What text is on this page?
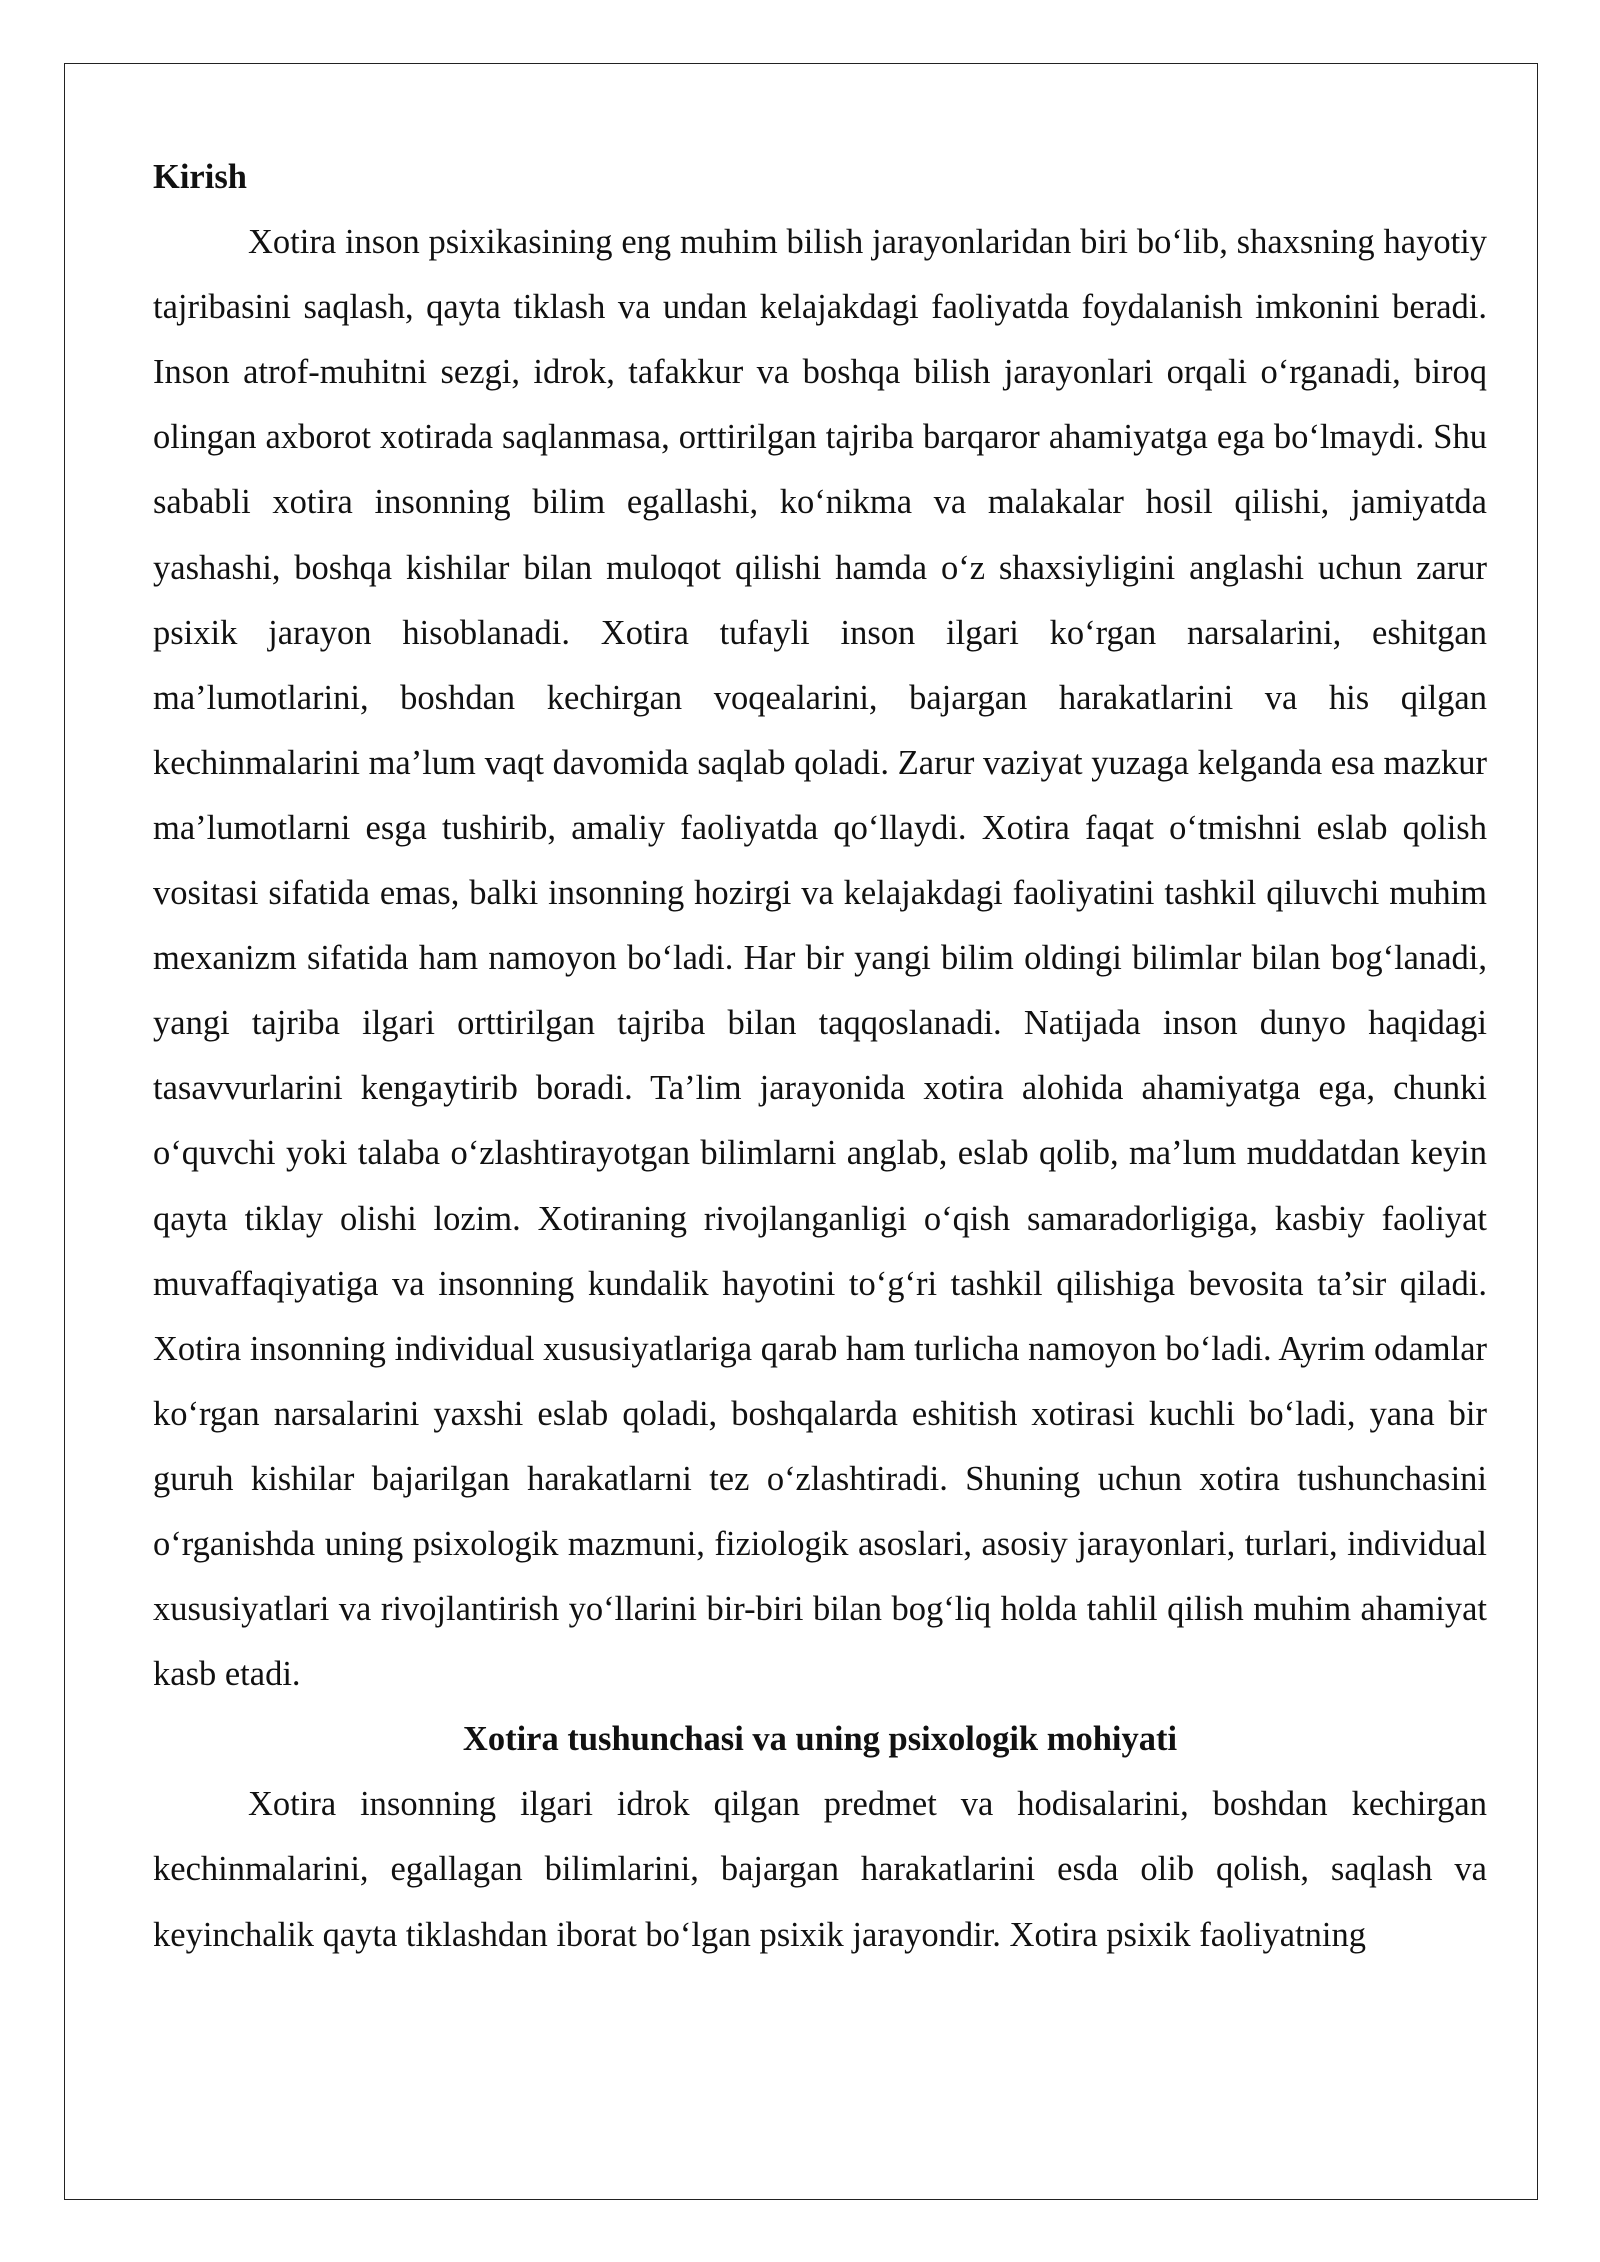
Kirish

Xotira inson psixikasining eng muhim bilish jarayonlaridan biri bo‘lib, shaxsning hayotiy tajribasini saqlash, qayta tiklash va undan kelajakdagi faoliyatda foydalanish imkonini beradi. Inson atrof-muhitni sezgi, idrok, tafakkur va boshqa bilish jarayonlari orqali o‘rganadi, biroq olingan axborot xotirada saqlanmasa, orttirilgan tajriba barqaror ahamiyatga ega bo‘lmaydi. Shu sababli xotira insonning bilim egallashi, ko‘nikma va malakalar hosil qilishi, jamiyatda yashashi, boshqa kishilar bilan muloqot qilishi hamda o‘z shaxsiyligini anglashi uchun zarur psixik jarayon hisoblanadi. Xotira tufayli inson ilgari ko‘rgan narsalarini, eshitgan ma’lumotlarini, boshdan kechirgan voqealarini, bajargan harakatlarini va his qilgan kechinmalarini ma’lum vaqt davomida saqlab qoladi. Zarur vaziyat yuzaga kelganda esa mazkur ma’lumotlarni esga tushirib, amaliy faoliyatda qo‘llaydi. Xotira faqat o‘tmishni eslab qolish vositasi sifatida emas, balki insonning hozirgi va kelajakdagi faoliyatini tashkil qiluvchi muhim mexanizm sifatida ham namoyon bo‘ladi. Har bir yangi bilim oldingi bilimlar bilan bog‘lanadi, yangi tajriba ilgari orttirilgan tajriba bilan taqqoslanadi. Natijada inson dunyo haqidagi tasavvurlarini kengaytirib boradi. Ta’lim jarayonida xotira alohida ahamiyatga ega, chunki o‘quvchi yoki talaba o‘zlashtirayotgan bilimlarni anglab, eslab qolib, ma’lum muddatdan keyin qayta tiklay olishi lozim. Xotiraning rivojlanganligi o‘qish samaradorligiga, kasbiy faoliyat muvaffaqiyatiga va insonning kundalik hayotini to‘g‘ri tashkil qilishiga bevosita ta’sir qiladi. Xotira insonning individual xususiyatlariga qarab ham turlicha namoyon bo‘ladi. Ayrim odamlar ko‘rgan narsalarini yaxshi eslab qoladi, boshqalarda eshitish xotirasi kuchli bo‘ladi, yana bir guruh kishilar bajarilgan harakatlarni tez o‘zlashtiradi. Shuning uchun xotira tushunchasini o‘rganishda uning psixologik mazmuni, fiziologik asoslari, asosiy jarayonlari, turlari, individual xususiyatlari va rivojlantirish yo‘llarini bir-biri bilan bog‘liq holda tahlil qilish muhim ahamiyat kasb etadi.

Xotira tushunchasi va uning psixologik mohiyati

Xotira insonning ilgari idrok qilgan predmet va hodisalarini, boshdan kechirgan kechinmalarini, egallagan bilimlarini, bajargan harakatlarini esda olib qolish, saqlash va keyinchalik qayta tiklashdan iborat bo‘lgan psixik jarayondir. Xotira psixik faoliyatning
